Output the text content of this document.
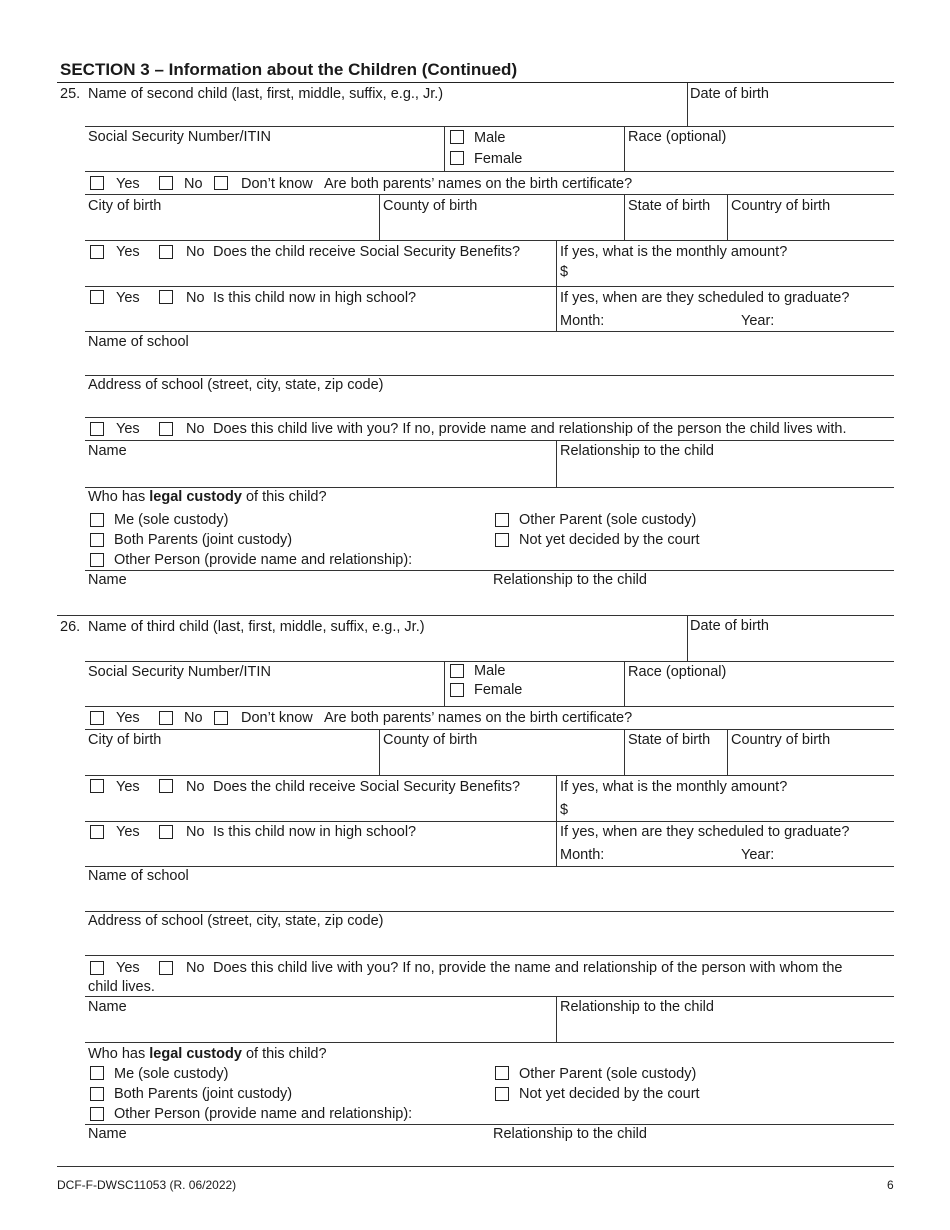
SECTION 3 – Information about the Children (Continued)
25. Name of second child (last, first, middle, suffix, e.g., Jr.)	Date of birth
Social Security Number/ITIN	Male
Female
Race (optional)
Yes	No	Don’t know Are both parents’ names on the birth certificate?
City of birth	County of birth	State of birth Country of birth
Yes	No Does the child receive Social Security Benefits?	If yes, what is the monthly amount?
$
Yes	No Is this child now in high school?	If yes, when are they scheduled to graduate?
Month:	Year:
Name of school
Address of school (street, city, state, zip code)
Yes	No Does this child live with you? If no, provide name and relationship of the person the child lives with.
Name	Relationship to the child
Who has legal custody of this child?
Me (sole custody)
Both Parents (joint custody)
Other Person (provide name and relationship):
Other Parent (sole custody)
Not yet decided by the court
Name	Relationship to the child
26. Name of third child (last, first, middle, suffix, e.g., Jr.)	Date of birth
Social Security Number/ITIN	Male
Female
Race (optional)
Yes	No	Don’t know Are both parents’ names on the birth certificate?
City of birth	County of birth	State of birth Country of birth
Yes	No Does the child receive Social Security Benefits?	If yes, what is the monthly amount?
$
Yes	No Is this child now in high school?	If yes, when are they scheduled to graduate?
Month:	Year:
Name of school
Address of school (street, city, state, zip code)
Yes	No Does this child live with you? If no, provide the name and relationship of the person with whom the
child lives.
Name	Relationship to the child
Who has legal custody of this child?
Me (sole custody)
Both Parents (joint custody)
Other Person (provide name and relationship):
Other Parent (sole custody)
Not yet decided by the court
Name	Relationship to the child
DCF-F-DWSC11053 (R. 06/2022)	6
